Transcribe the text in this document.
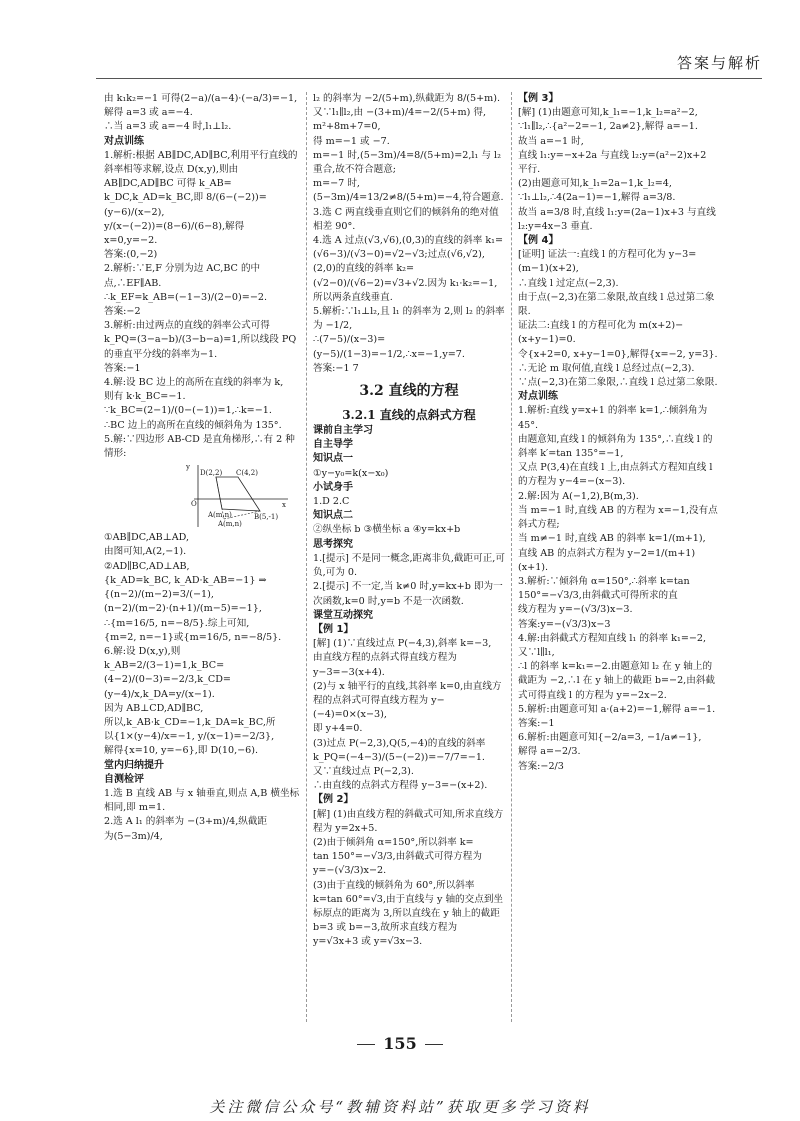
答案与解析

由 k₁k₂=−1 可得(2−a)/(a−4)·(−a/3)=−1,解得 a=3 或 a=−4.

∴当 a=3 或 a=−4 时,l₁⊥l₂.

对点训练

1.解析:根据 AB∥DC,AD∥BC,利用平行直线的斜率相等求解,设点 D(x,y),则由 AB∥DC,AD∥BC 可得 k_AB=

k_DC,k_AD=k_BC,即 8/(6−(−2))=(y−6)/(x−2),

y/(x−(−2))=(8−6)/(6−8),解得 x=0,y=−2.

答案:(0,−2)

2.解析:∵E,F 分别为边 AC,BC 的中点,∴EF∥AB.

∴k_EF=k_AB=(−1−3)/(2−0)=−2.

答案:−2

3.解析:由过两点的直线的斜率公式可得 k_PQ=(3−a−b)/(3−b−a)=1,所以线段 PQ 的垂直平分线的斜率为−1.

答案:−1

4.解:设 BC 边上的高所在直线的斜率为 k,

则有 k·k_BC=−1.

∵k_BC=(2−1)/(0−(−1))=1,∴k=−1.

∴BC 边上的高所在直线的倾斜角为 135°.

5.解:∵四边形 AB-CD 是直角梯形,∴有 2 种情形:

y
x
D(2,2) C(4,2)
O
A(m,n)	B(5,-1)
A(m,n)

①AB∥DC,AB⊥AD,

由图可知,A(2,−1).

②AD∥BC,AD⊥AB,

{k_AD=k_BC, k_AD·k_AB=−1} ⇒

{(n−2)/(m−2)=3/(−1), (n−2)/(m−2)·(n+1)/(m−5)=−1},

∴{m=16/5, n=−8/5}.综上可知,

{m=2, n=−1}或{m=16/5, n=−8/5}.

6.解:设 D(x,y),则 k_AB=2/(3−1)=1,k_BC=

(4−2)/(0−3)=−2/3,k_CD=(y−4)/x,k_DA=y/(x−1).

因为 AB⊥CD,AD∥BC,

所以,k_AB·k_CD=−1,k_DA=k_BC,所

以{1×(y−4)/x=−1, y/(x−1)=−2/3},

解得{x=10, y=−6},即 D(10,−6).

堂内归纳提升

自测检评

1.选 B 直线 AB 与 x 轴垂直,则点 A,B 横坐标相同,即 m=1.

2.选 A l₁ 的斜率为 −(3+m)/4,纵截距

为(5−3m)/4,

l₂ 的斜率为 −2/(5+m),纵截距为 8/(5+m).

又∵l₁∥l₂,由 −(3+m)/4=−2/(5+m) 得,

m²+8m+7=0,

得 m=−1 或 −7.

m=−1 时,(5−3m)/4=8/(5+m)=2,l₁ 与 l₂ 重合,故不符合题意;

m=−7 时,(5−3m)/4=13/2≠8/(5+m)=−4,符合题意.

3.选 C 两直线垂直则它们的倾斜角的绝对值相差 90°.

4.选 A 过点(√3,√6),(0,3)的直线的斜率 k₁=(√6−3)/(√3−0)=√2−√3;过点(√6,√2),

(2,0)的直线的斜率 k₂=(√2−0)/(√6−2)=√3+√2.因为 k₁·k₂=−1,所以两条直线垂直.

5.解析:∵l₁⊥l₂,且 l₁ 的斜率为 2,则 l₂ 的斜率为 −1/2,

∴(7−5)/(x−3)=(y−5)/(1−3)=−1/2,∴x=−1,y=7.

答案:−1 7

3.2 直线的方程

3.2.1 直线的点斜式方程

课前自主学习

自主导学

知识点一

①y−y₀=k(x−x₀)

小试身手

1.D 2.C

知识点二

②纵坐标 b ③横坐标 a ④y=kx+b

思考探究

1.[提示] 不是同一概念,距离非负,截距可正,可负,可为 0.

2.[提示] 不一定,当 k≠0 时,y=kx+b 即为一次函数,k=0 时,y=b 不是一次函数.

课堂互动探究

【例 1】

[解] (1)∵直线过点 P(−4,3),斜率 k=−3,

由直线方程的点斜式得直线方程为 y−3=−3(x+4).

(2)与 x 轴平行的直线,其斜率 k=0,由直线方程的点斜式可得直线方程为 y−(−4)=0×(x−3),

即 y+4=0.

(3)过点 P(−2,3),Q(5,−4)的直线的斜率

k_PQ=(−4−3)/(5−(−2))=−7/7=−1.

又∵直线过点 P(−2,3).

∴由直线的点斜式方程得 y−3=−(x+2).

【例 2】

[解] (1)由直线方程的斜截式可知,所求直线方程为 y=2x+5.

(2)由于倾斜角 α=150°,所以斜率 k=

tan 150°=−√3/3,由斜截式可得方程为

y=−(√3/3)x−2.

(3)由于直线的倾斜角为 60°,所以斜率 k=tan 60°=√3,由于直线与 y 轴的交点到坐标原点的距离为 3,所以直线在 y 轴上的截距 b=3 或 b=−3,故所求直线方程为 y=√3x+3 或 y=√3x−3.

【例 3】

[解] (1)由题意可知,k_l₁=−1,k_l₂=a²−2,

∵l₁∥l₂,∴{a²−2=−1, 2a≠2},解得 a=−1.

故当 a=−1 时,

直线 l₁:y=−x+2a 与直线 l₂:y=(a²−2)x+2 平行.

(2)由题意可知,k_l₁=2a−1,k_l₂=4,

∵l₁⊥l₂,∴4(2a−1)=−1,解得 a=3/8.

故当 a=3/8 时,直线 l₁:y=(2a−1)x+3 与直线 l₂:y=4x−3 垂直.

【例 4】

[证明] 证法一:直线 l 的方程可化为 y−3=(m−1)(x+2),

∴直线 l 过定点(−2,3).

由于点(−2,3)在第二象限,故直线 l 总过第二象限.

证法二:直线 l 的方程可化为 m(x+2)−(x+y−1)=0.

令{x+2=0, x+y−1=0},解得{x=−2, y=3}.

∴无论 m 取何值,直线 l 总经过点(−2,3).

∵点(−2,3)在第二象限,∴直线 l 总过第二象限.

对点训练

1.解析:直线 y=x+1 的斜率 k=1,∴倾斜角为 45°.

由题意知,直线 l 的倾斜角为 135°,∴直线 l 的斜率 k′=tan 135°=−1,

又点 P(3,4)在直线 l 上,由点斜式方程知直线 l 的方程为 y−4=−(x−3).

2.解:因为 A(−1,2),B(m,3).

当 m=−1 时,直线 AB 的方程为 x=−1,没有点斜式方程;

当 m≠−1 时,直线 AB 的斜率 k=1/(m+1),

直线 AB 的点斜式方程为 y−2=1/(m+1)(x+1).

3.解析:∵倾斜角 α=150°,∴斜率 k=tan 150°=−√3/3,由斜截式可得所求的直

线方程为 y=−(√3/3)x−3.

答案:y=−(√3/3)x−3

4.解:由斜截式方程知直线 l₁ 的斜率 k₁=−2,

又∵l∥l₁,

∴l 的斜率 k=k₁=−2.由题意知 l₂ 在 y 轴上的截距为 −2,∴l 在 y 轴上的截距 b=−2,由斜截式可得直线 l 的方程为 y=−2x−2.

5.解析:由题意可知 a·(a+2)=−1,解得 a=−1.

答案:−1

6.解析:由题意可知{−2/a=3, −1/a≠−1},

解得 a=−2/3.

答案:−2/3

155
关注微信公众号“教辅资料站”获取更多学习资料
